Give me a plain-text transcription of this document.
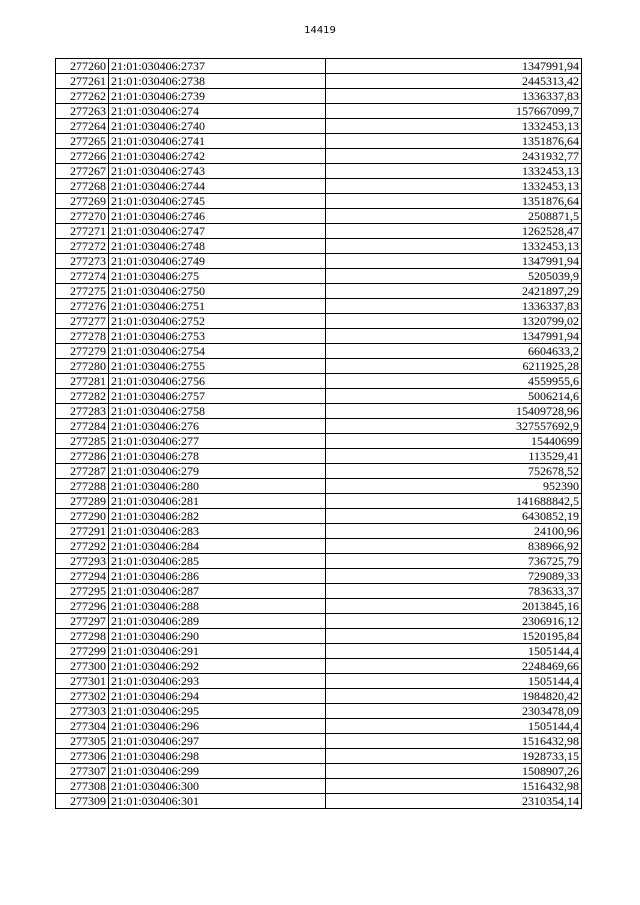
14419
277260	21:01:030406:2737	1347991,94
277261	21:01:030406:2738	2445313,42
277262	21:01:030406:2739	1336337,83
277263	21:01:030406:274	157667099,7
277264	21:01:030406:2740	1332453,13
277265	21:01:030406:2741	1351876,64
277266	21:01:030406:2742	2431932,77
277267	21:01:030406:2743	1332453,13
277268	21:01:030406:2744	1332453,13
277269	21:01:030406:2745	1351876,64
277270	21:01:030406:2746	2508871,5
277271	21:01:030406:2747	1262528,47
277272	21:01:030406:2748	1332453,13
277273	21:01:030406:2749	1347991,94
277274	21:01:030406:275	5205039,9
277275	21:01:030406:2750	2421897,29
277276	21:01:030406:2751	1336337,83
277277	21:01:030406:2752	1320799,02
277278	21:01:030406:2753	1347991,94
277279	21:01:030406:2754	6604633,2
277280	21:01:030406:2755	6211925,28
277281	21:01:030406:2756	4559955,6
277282	21:01:030406:2757	5006214,6
277283	21:01:030406:2758	15409728,96
277284	21:01:030406:276	327557692,9
277285	21:01:030406:277	15440699
277286	21:01:030406:278	113529,41
277287	21:01:030406:279	752678,52
277288	21:01:030406:280	952390
277289	21:01:030406:281	141688842,5
277290	21:01:030406:282	6430852,19
277291	21:01:030406:283	24100,96
277292	21:01:030406:284	838966,92
277293	21:01:030406:285	736725,79
277294	21:01:030406:286	729089,33
277295	21:01:030406:287	783633,37
277296	21:01:030406:288	2013845,16
277297	21:01:030406:289	2306916,12
277298	21:01:030406:290	1520195,84
277299	21:01:030406:291	1505144,4
277300	21:01:030406:292	2248469,66
277301	21:01:030406:293	1505144,4
277302	21:01:030406:294	1984820,42
277303	21:01:030406:295	2303478,09
277304	21:01:030406:296	1505144,4
277305	21:01:030406:297	1516432,98
277306	21:01:030406:298	1928733,15
277307	21:01:030406:299	1508907,26
277308	21:01:030406:300	1516432,98
277309	21:01:030406:301	2310354,14
